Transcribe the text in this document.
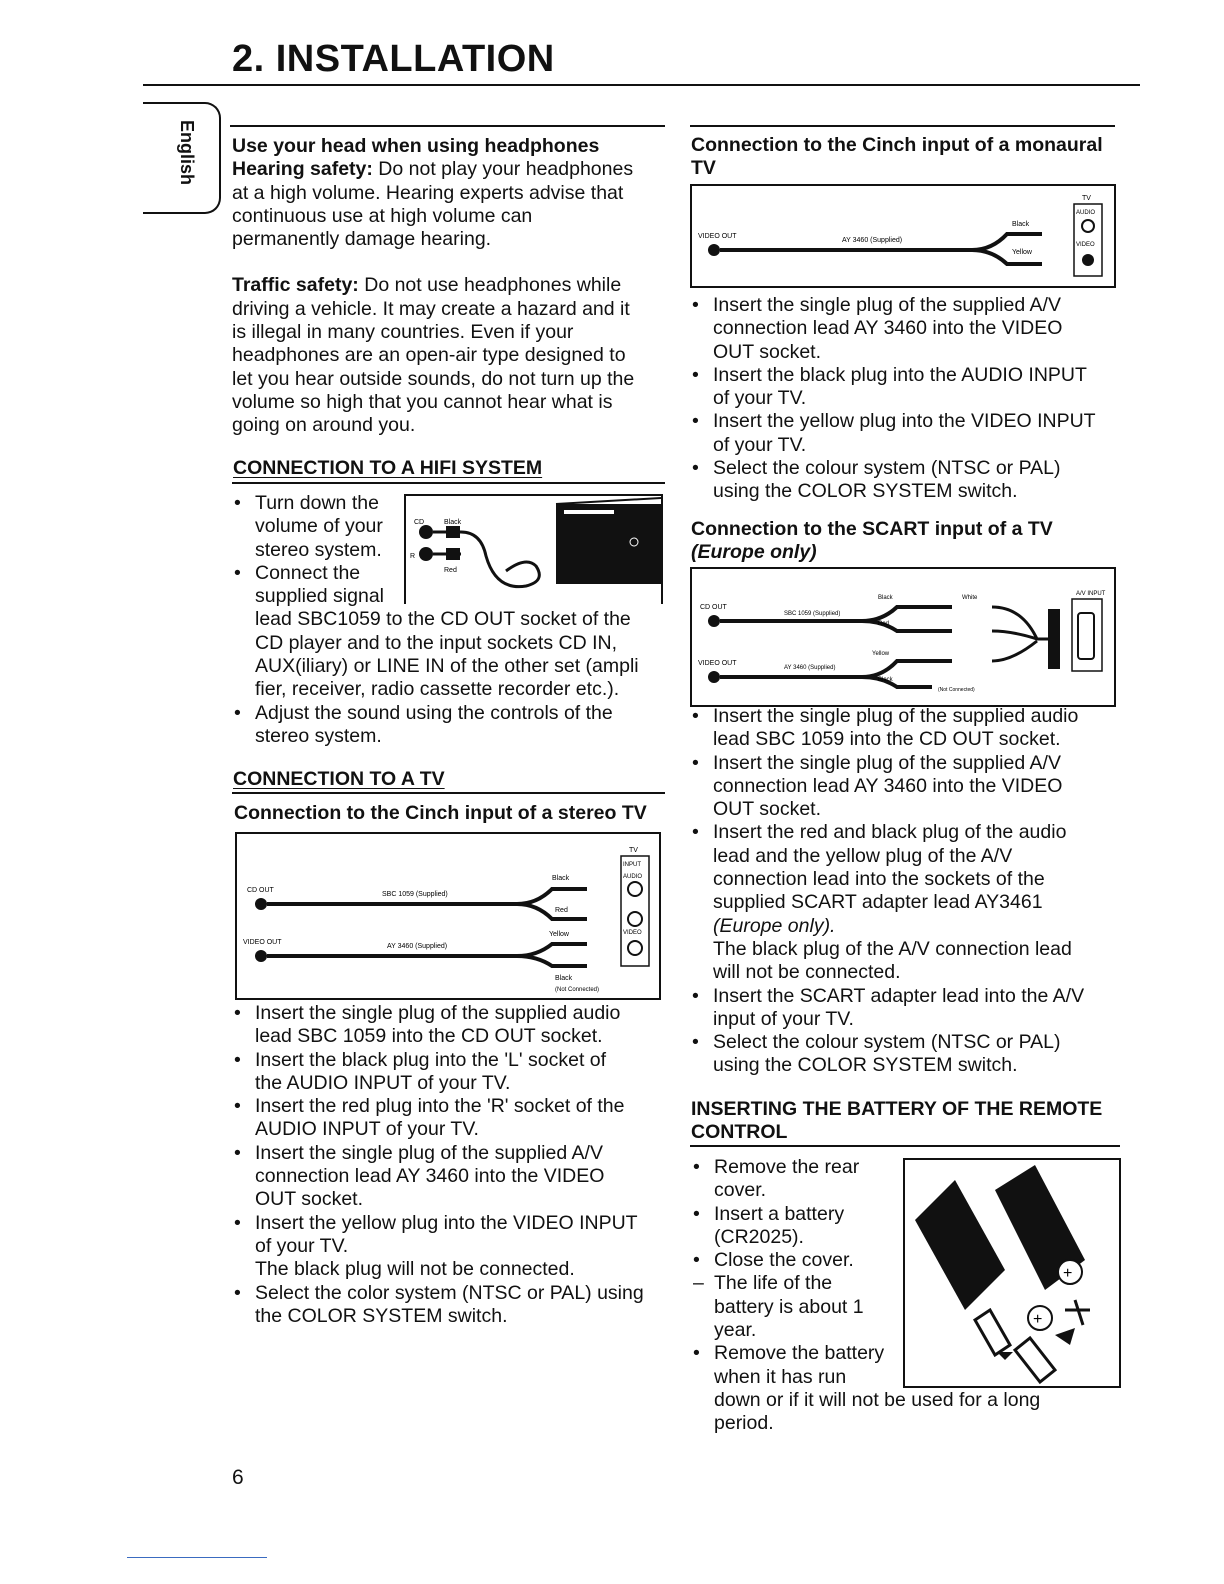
2. INSTALLATION
English Use your head when using headphones

Hearing safety: Do not play your headphones
at a high volume. Hearing experts advise that
continuous use at high volume can
permanently damage hearing.

Traffic safety: Do not use headphones while
driving a vehicle. It may create a hazard and it
is illegal in many countries. Even if your
headphones are an open-air type designed to
let you hear outside sounds, do not turn up the
volume so high that you cannot hear what is
going on around you.

CONNECTION TO A HIFI SYSTEM
• Turn down the
volume of your
stereo system.
• Connect the
supplied signal
lead SBC1059 to the CD OUT socket of the
CD player and to the input sockets CD IN,
AUX(iliary) or LINE IN of the other set (ampli
fier, receiver, radio cassette recorder etc.).
• Adjust the sound using the controls of the
stereo system.
CD	Black
R
Red
CONNECTION TO A TV
Connection to the Cinch input of a stereo TV
CD OUT
SBC 1059 (Supplied)
Black
Red
VIDEO OUT
AY 3460 (Supplied)
Yellow
Black
(Not Connected)
TV
INPUT
AUDIO
VIDEO
• Insert the single plug of the supplied audio
lead SBC 1059 into the CD OUT socket.
• Insert the black plug into the 'L' socket of
the AUDIO INPUT of your TV.
• Insert the red plug into the 'R' socket of the
AUDIO INPUT of your TV.
• Insert the single plug of the supplied A/V
connection lead AY 3460 into the VIDEO
OUT socket.
• Insert the yellow plug into the VIDEO INPUT
of your TV.
The black plug will not be connected.
• Select the color system (NTSC or PAL) using
the COLOR SYSTEM switch.
6
Connection to the Cinch input of a monaural
TV
VIDEO OUT
AY 3460 (Supplied)
Black
Yellow
TV
AUDIO
VIDEO
• Insert the single plug of the supplied A/V
connection lead AY 3460 into the VIDEO
OUT socket.
• Insert the black plug into the AUDIO INPUT
of your TV.
• Insert the yellow plug into the VIDEO INPUT
of your TV.
• Select the colour system (NTSC or PAL)
using the COLOR SYSTEM switch.
Connection to the SCART input of a TV
(Europe only)
CD OUT
SBC 1059 (Supplied)
Black	White
Red
VIDEO OUT
AY 3460 (Supplied)
Yellow
Black
(Not Connected)
A/V INPUT
• Insert the single plug of the supplied audio
lead SBC 1059 into the CD OUT socket.
• Insert the single plug of the supplied A/V
connection lead AY 3460 into the VIDEO
OUT socket.
• Insert the red and black plug of the audio
lead and the yellow plug of the A/V
connection lead into the sockets of the
supplied SCART adapter lead AY3461
(Europe only).
The black plug of the A/V connection lead
will not be connected.
• Insert the SCART adapter lead into the A/V
input of your TV.
• Select the colour system (NTSC or PAL)
using the COLOR SYSTEM switch.
INSERTING THE BATTERY OF THE REMOTE
CONTROL
+
+
• Remove the rear
cover.
• Insert a battery
(CR2025).
• Close the cover.
– The life of the
battery is about 1
year.
• Remove the battery
when it has run
down or if it will not be used for a long
period.
